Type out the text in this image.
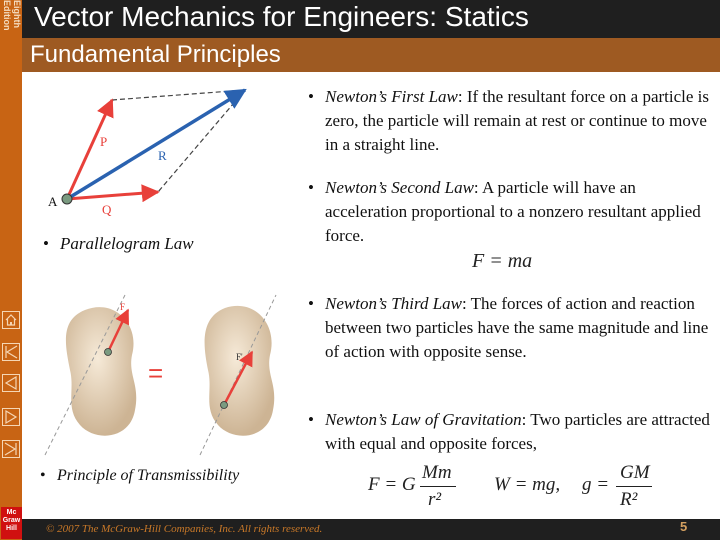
Eighth Edition Vector Mechanics for Engineers: Statics
Fundamental Principles
P
R
Q
A
• Parallelogram Law
F
F'
=
• Principle of Transmissibility
• Newton’s First Law: If the resultant force on a particle is zero, the particle will remain at rest or continue to move in a straight line.
• Newton’s Second Law: A particle will have an acceleration proportional to a nonzero resultant applied force.
F = ma
• Newton’s Third Law: The forces of action and reaction between two particles have the same magnitude and line of action with opposite sense.
• Newton’s Law of Gravitation: Two particles are attracted with equal and opposite forces,
F = G
Mm
r²
W = mg, g =
GM
R²
Mc Graw Hill	© 2007 The McGraw-Hill Companies, Inc. All rights reserved.	5
